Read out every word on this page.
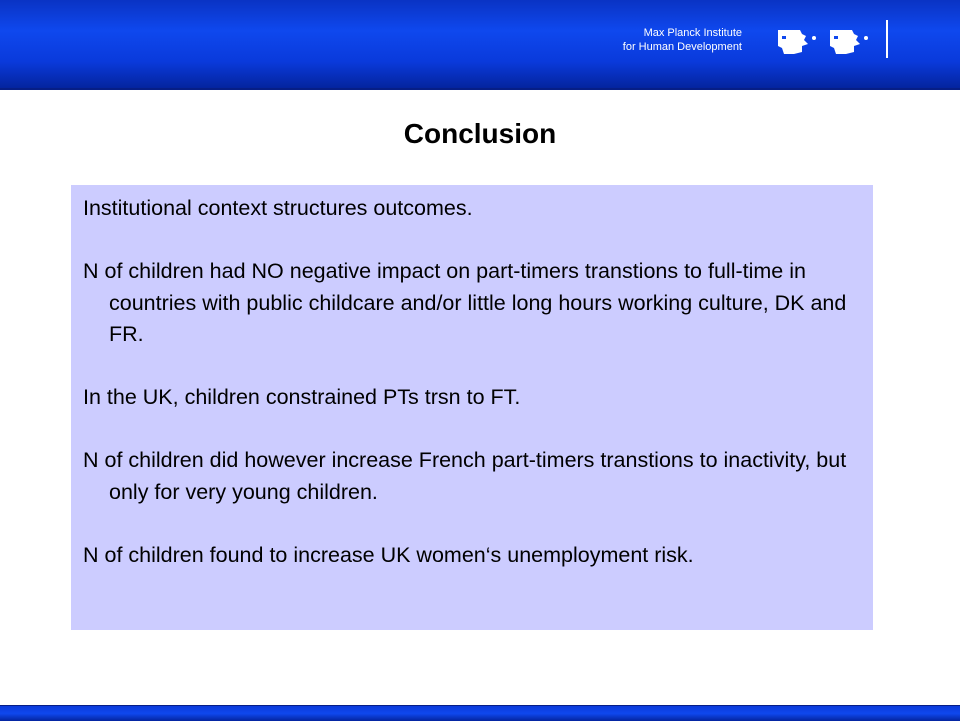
Max Planck Institute
for Human Development
Conclusion

Institutional context structures outcomes.

N of children had NO negative impact on part-timers transtions to full-time in countries with public childcare and/or little long hours working culture, DK and FR.

In the UK, children constrained PTs trsn to FT.

N of children did however increase French part-timers transtions to inactivity, but only for very young children.

N of children found to increase UK women‘s unemployment risk.
